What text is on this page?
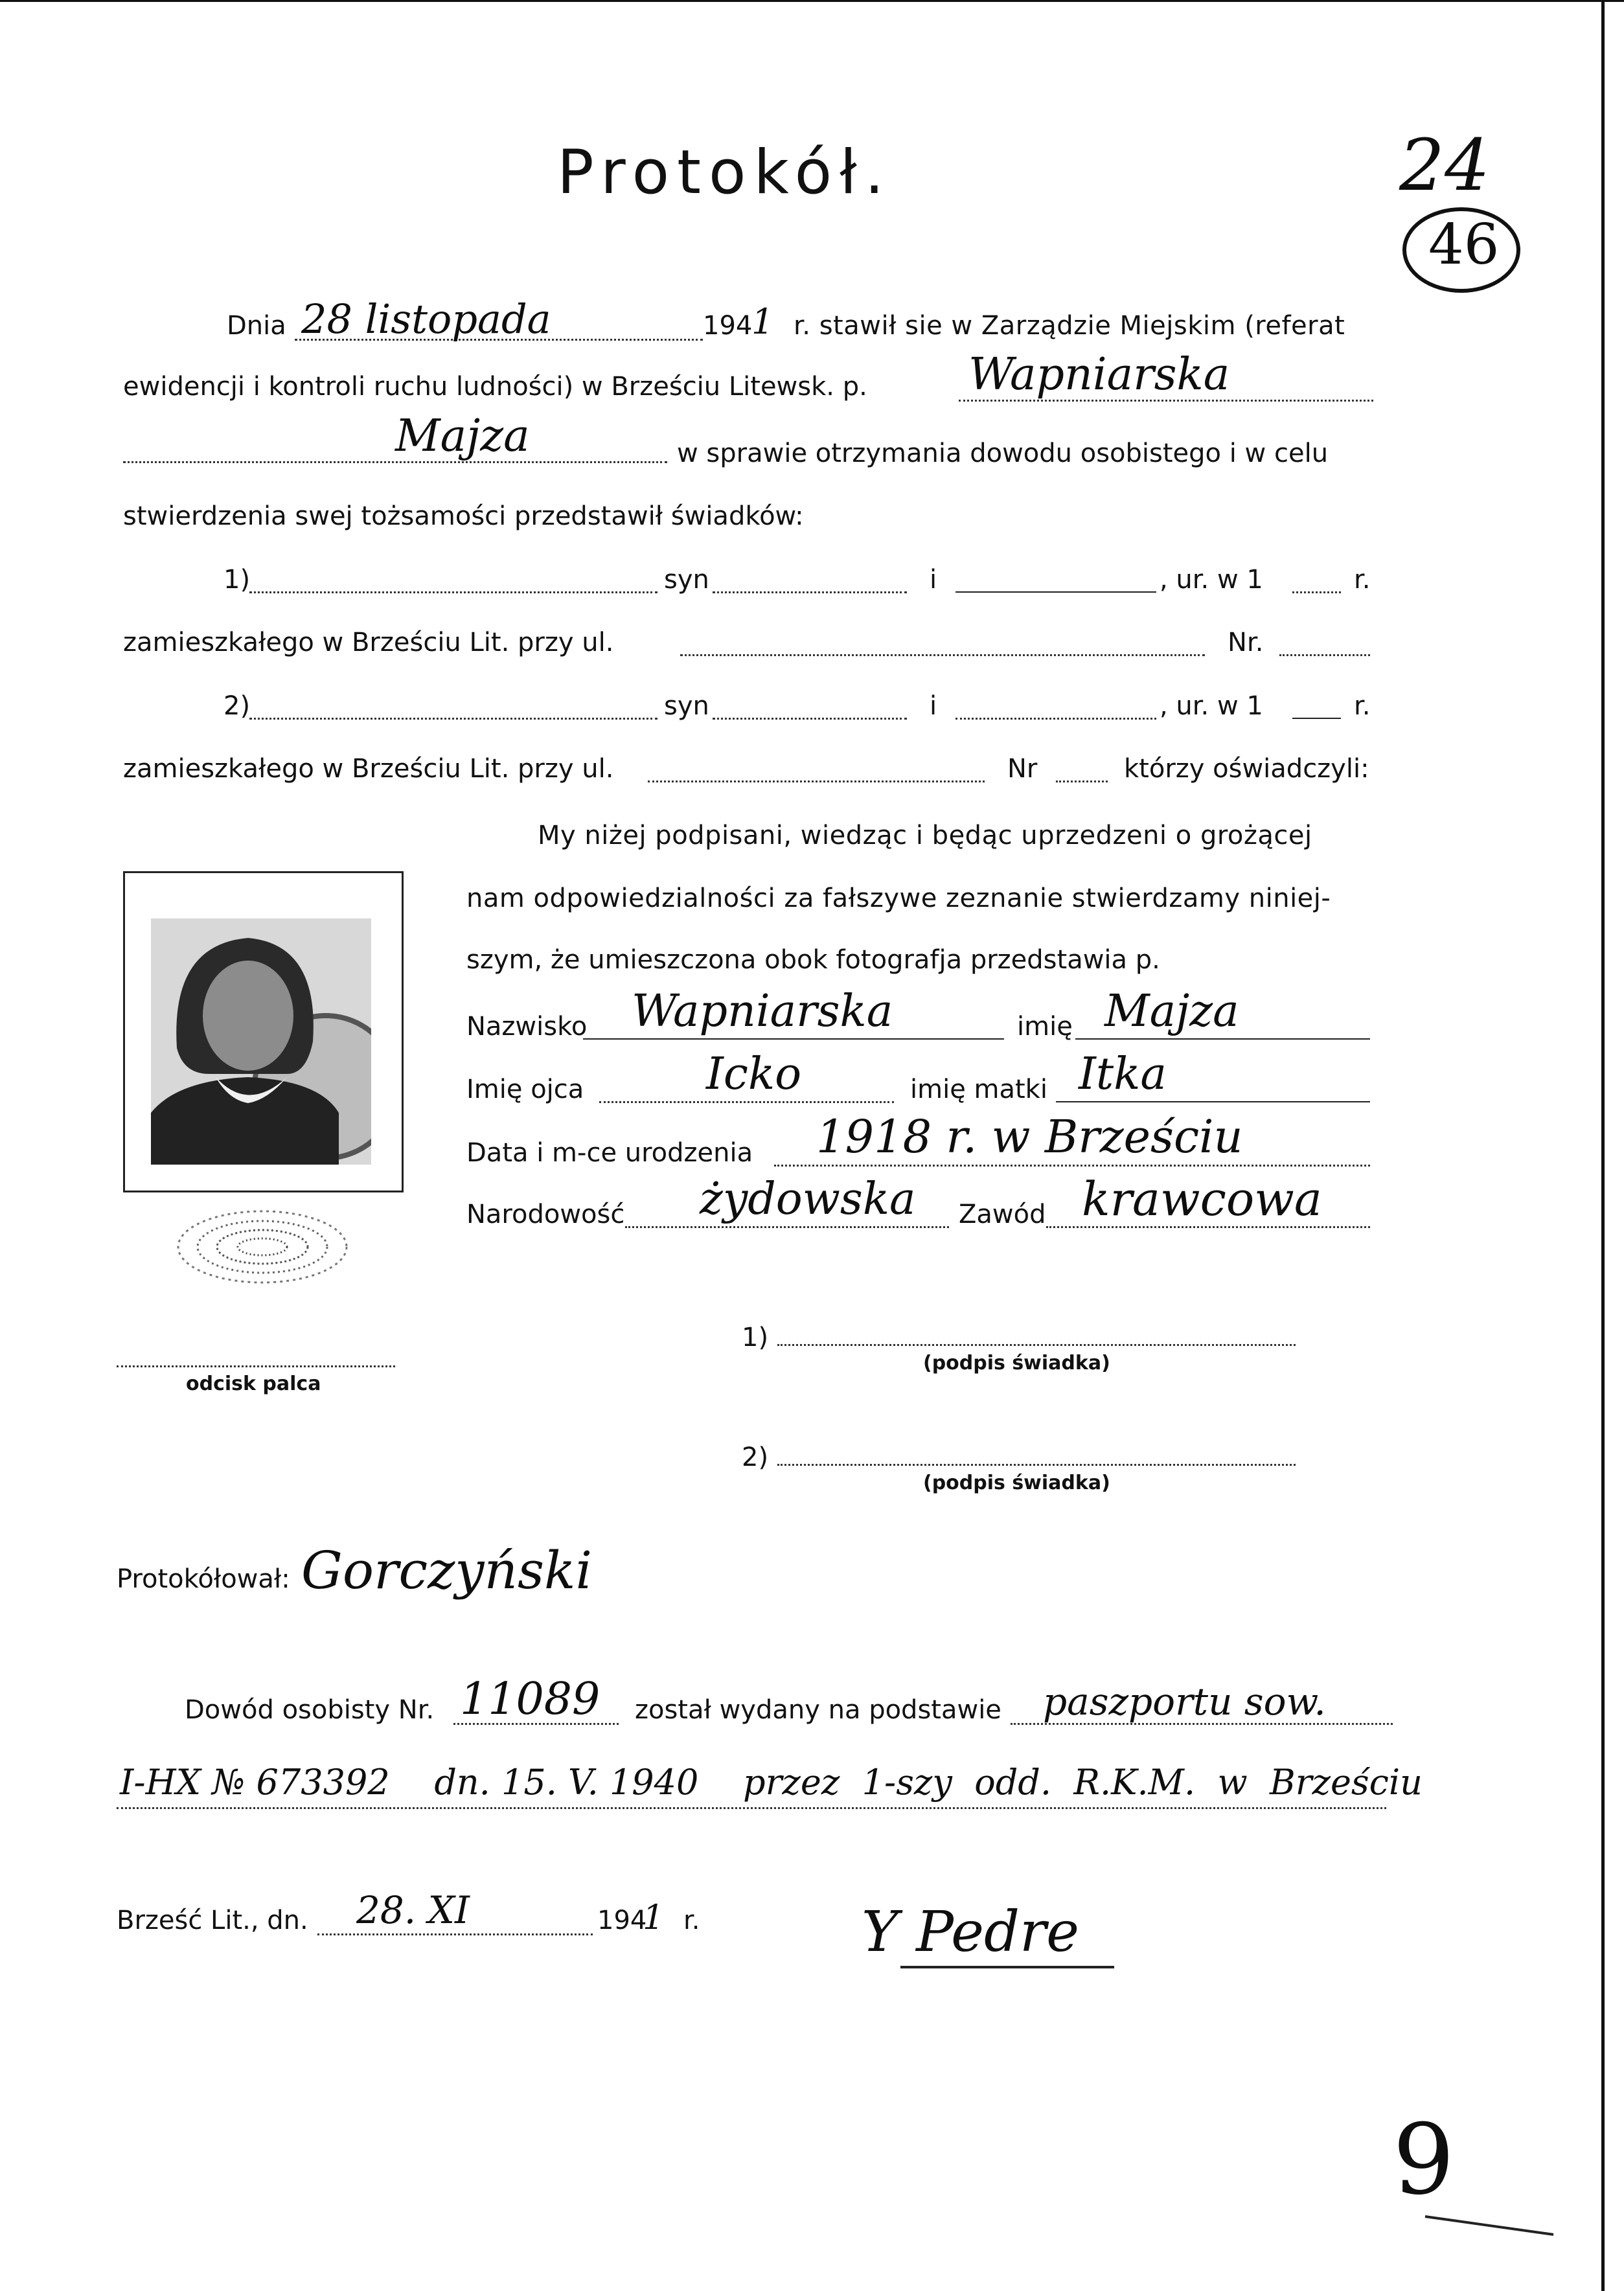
Protokół.	24
46
Dnia 28 listopada	194
1 r. stawił sie w Zarządzie Miejskim (referat
ewidencji i kontroli ruchu ludności) w Brześciu Litewsk. p. Wapniarska
Majza	w sprawie otrzymania dowodu osobistego i w celu
stwierdzenia swej tożsamości przedstawił świadków:
1)	syn	i	, ur. w 1	r.
zamieszkałego w Brześciu Lit. przy ul.	Nr.
2)	syn	i	, ur. w 1	r.
zamieszkałego w Brześciu Lit. przy ul.	Nr	którzy oświadczyli:
My niżej podpisani, wiedząc i będąc uprzedzeni o grożącej
nam odpowiedzialności za fałszywe zeznanie stwierdzamy niniej-
szym, że umieszczona obok fotografja przedstawia p.
Nazwisko Wapniarska	imię Majza
Imię ojca	Icko	imię matki Itka
Data i m-ce urodzenia 1918 r. w Brześciu
Narodowość żydowska Zawód krawcowa
odcisk palca
1)
(podpis świadka)
2)
(podpis świadka)
Protokółował: Gorczyński
Dowód osobisty Nr. 11089 został wydany na podstawie paszportu sow.
I-HX № 673392    dn. 15. V. 1940    przez  1-szy  odd.  R.K.M.  w  Brześciu
Brześć Lit., dn. 28. XI	194
1 r.	Y Pedre
9
